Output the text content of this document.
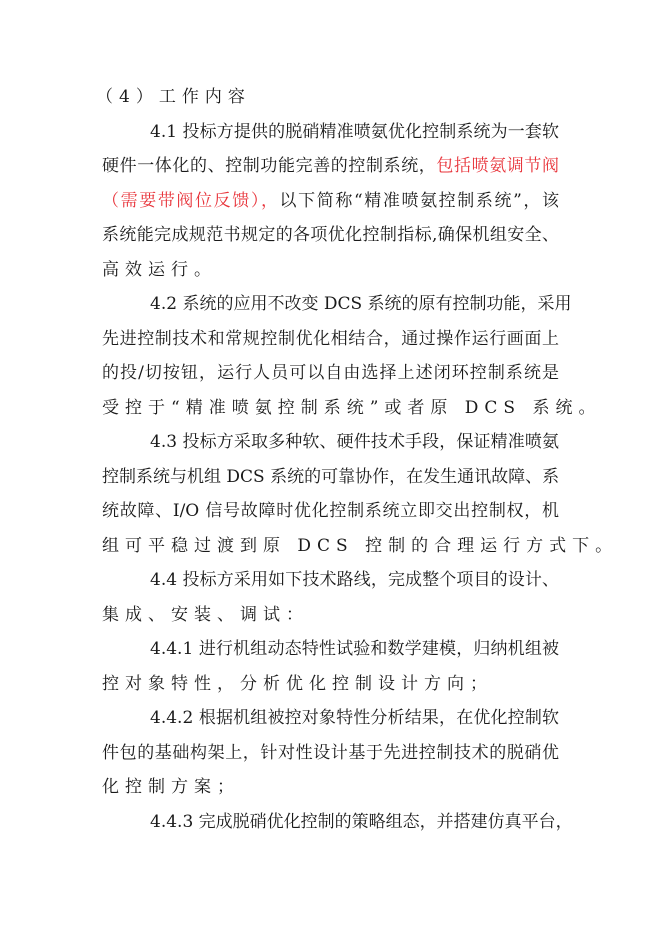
（4）工作内容
4.1 投标方提供的脱硝精准喷氨优化控制系统为一套软
硬件一体化的、控制功能完善的控制系统，包括喷氨调节阀
（需要带阀位反馈），以下简称“精准喷氨控制系统”，该
系统能完成规范书规定的各项优化控制指标,确保机组安全、
高效运行。
4.2 系统的应用不改变 DCS 系统的原有控制功能，采用
先进控制技术和常规控制优化相结合，通过操作运行画面上
的投/切按钮，运行人员可以自由选择上述闭环控制系统是
受控于“精准喷氨控制系统”或者原 DCS 系统。
4.3 投标方采取多种软、硬件技术手段，保证精准喷氨
控制系统与机组 DCS 系统的可靠协作，在发生通讯故障、系
统故障、I/O 信号故障时优化控制系统立即交出控制权，机
组可平稳过渡到原 DCS 控制的合理运行方式下。
4.4 投标方采用如下技术路线，完成整个项目的设计、
集成、安装、调试：
4.4.1 进行机组动态特性试验和数学建模，归纳机组被
控对象特性，分析优化控制设计方向；
4.4.2 根据机组被控对象特性分析结果，在优化控制软
件包的基础构架上，针对性设计基于先进控制技术的脱硝优
化控制方案；
4.4.3 完成脱硝优化控制的策略组态，并搭建仿真平台，
